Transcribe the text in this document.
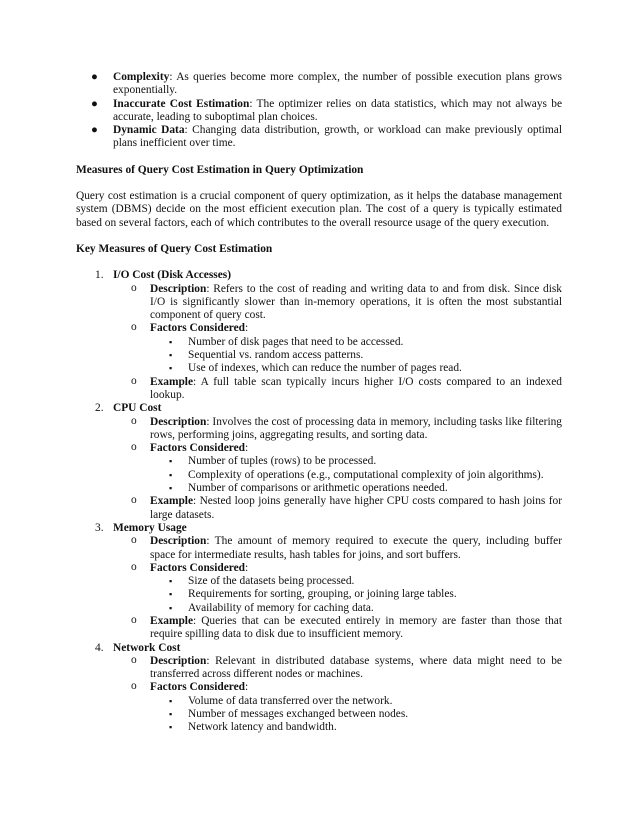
● Complexity: As queries become more complex, the number of possible execution plans grows exponentially.
● Inaccurate Cost Estimation: The optimizer relies on data statistics, which may not always be accurate, leading to suboptimal plan choices.
● Dynamic Data: Changing data distribution, growth, or workload can make previously optimal plans inefficient over time.
Measures of Query Cost Estimation in Query Optimization

Query cost estimation is a crucial component of query optimization, as it helps the database management system (DBMS) decide on the most efficient execution plan. The cost of a query is typically estimated based on several factors, each of which contributes to the overall resource usage of the query execution.

Key Measures of Query Cost Estimation
1. I/O Cost (Disk Accesses)
o Description: Refers to the cost of reading and writing data to and from disk. Since disk I/O is significantly slower than in-memory operations, it is often the most substantial component of query cost.
o Factors Considered:
▪ Number of disk pages that need to be accessed.
▪ Sequential vs. random access patterns.
▪ Use of indexes, which can reduce the number of pages read.
o Example: A full table scan typically incurs higher I/O costs compared to an indexed lookup.
2. CPU Cost
o Description: Involves the cost of processing data in memory, including tasks like filtering rows, performing joins, aggregating results, and sorting data.
o Factors Considered:
▪ Number of tuples (rows) to be processed.
▪ Complexity of operations (e.g., computational complexity of join algorithms).
▪ Number of comparisons or arithmetic operations needed.
o Example: Nested loop joins generally have higher CPU costs compared to hash joins for large datasets.
3. Memory Usage
o Description: The amount of memory required to execute the query, including buffer space for intermediate results, hash tables for joins, and sort buffers.
o Factors Considered:
▪ Size of the datasets being processed.
▪ Requirements for sorting, grouping, or joining large tables.
▪ Availability of memory for caching data.
o Example: Queries that can be executed entirely in memory are faster than those that require spilling data to disk due to insufficient memory.
4. Network Cost
o Description: Relevant in distributed database systems, where data might need to be transferred across different nodes or machines.
o Factors Considered:
▪ Volume of data transferred over the network.
▪ Number of messages exchanged between nodes.
▪ Network latency and bandwidth.
